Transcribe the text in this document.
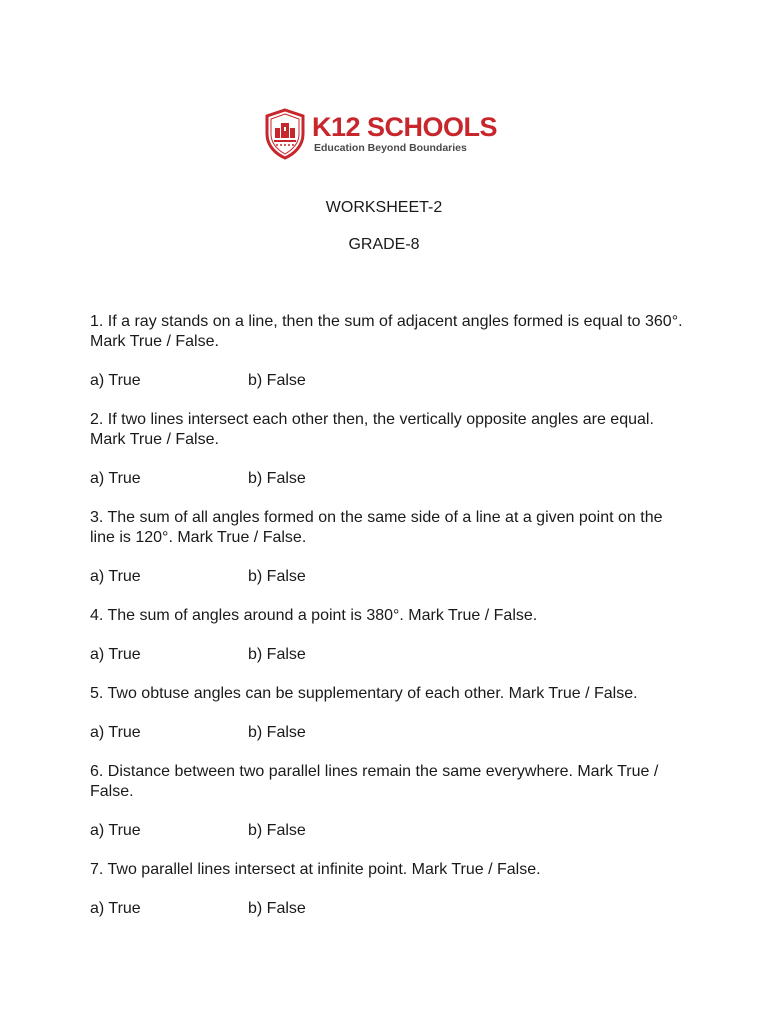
K12 SCHOOLS
Education Beyond Boundaries
WORKSHEET-2
GRADE-8

1. If a ray stands on a line, then the sum of adjacent angles formed is equal to 360°. Mark True / False.

a) True	b) False

2. If two lines intersect each other then, the vertically opposite angles are equal. Mark True / False.

a) True	b) False

3. The sum of all angles formed on the same side of a line at a given point on the line is 120°. Mark True / False.

a) True	b) False

4. The sum of angles around a point is 380°. Mark True / False.

a) True	b) False

5. Two obtuse angles can be supplementary of each other. Mark True / False.

a) True	b) False

6. Distance between two parallel lines remain the same everywhere. Mark True / False.

a) True	b) False

7. Two parallel lines intersect at infinite point. Mark True / False.

a) True	b) False
